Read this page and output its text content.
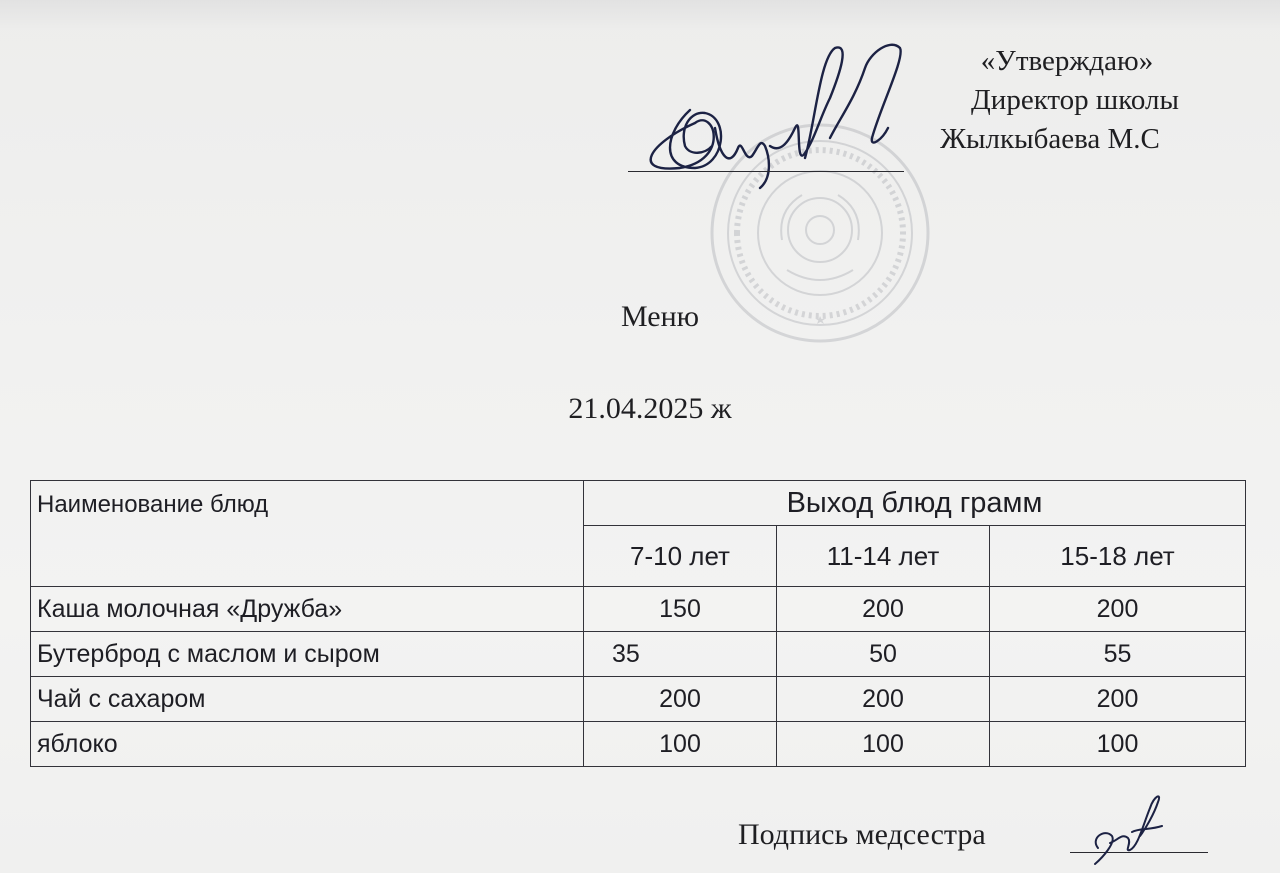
«Утверждаю»
Директор школы
Жылкыбаева М.С
Меню
21.04.2025 ж
Наименование блюд	Выход блюд грамм		
	7-10 лет	11-14 лет	15-18 лет
Каша молочная «Дружба»	150	200	200
Бутерброд с маслом и сыром	35	50	55
Чай с сахаром	200	200	200
яблоко	100	100	100
Подпись медсестра
